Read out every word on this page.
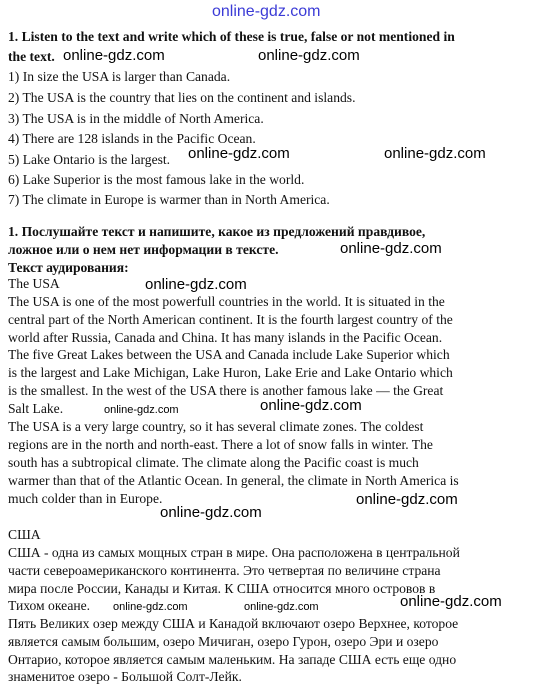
online-gdz.com

1. Listen to the text and write which of these is true, false or not mentioned in

the text. online-gdz.com	online-gdz.com

1) In size the USA is larger than Canada.

2) The USA is the country that lies on the continent and islands.

3) The USA is in the middle of North America.

4) There are 128 islands in the Pacific Ocean.

5) Lake Ontario is the largest. online-gdz.com	online-gdz.com

6) Lake Superior is the most famous lake in the world.

7) The climate in Europe is warmer than in North America.

1. Послушайте текст и напишите, какое из предложений правдивое,

ложное или о нем нет информации в тексте.	online-gdz.com

Текст аудирования:

The USA	online-gdz.com

The USA is one of the most powerfull countries in the world. It is situated in the

central part of the North American continent. It is the fourth largest country of the

world after Russia, Canada and China. It has many islands in the Pacific Ocean.

The five Great Lakes between the USA and Canada include Lake Superior which

is the largest and Lake Michigan, Lake Huron, Lake Erie and Lake Ontario which

is the smallest. In the west of the USA there is another famous lake — the Great

Salt Lake.	online-gdz.com	online-gdz.com

The USA is a very large country, so it has several climate zones. The coldest

regions are in the north and north-east. There a lot of snow falls in winter. The

south has a subtropical climate. The climate along the Pacific coast is much

warmer than that of the Atlantic Ocean. In general, the climate in North America is

much colder than in Europe.	online-gdz.com
online-gdz.com

США

США - одна из самых мощных стран в мире. Она расположена в центральной

части североамериканского континента. Это четвертая по величине страна

мира после России, Канады и Китая. К США относится много островов в

Тихом океане. online-gdz.com	online-gdz.com	online-gdz.com

Пять Великих озер между США и Канадой включают озеро Верхнее, которое

является самым большим, озеро Мичиган, озеро Гурон, озеро Эри и озеро

Онтарио, которое является самым маленьким. На западе США есть еще одно

знаменитое озеро - Большой Солт-Лейк.
